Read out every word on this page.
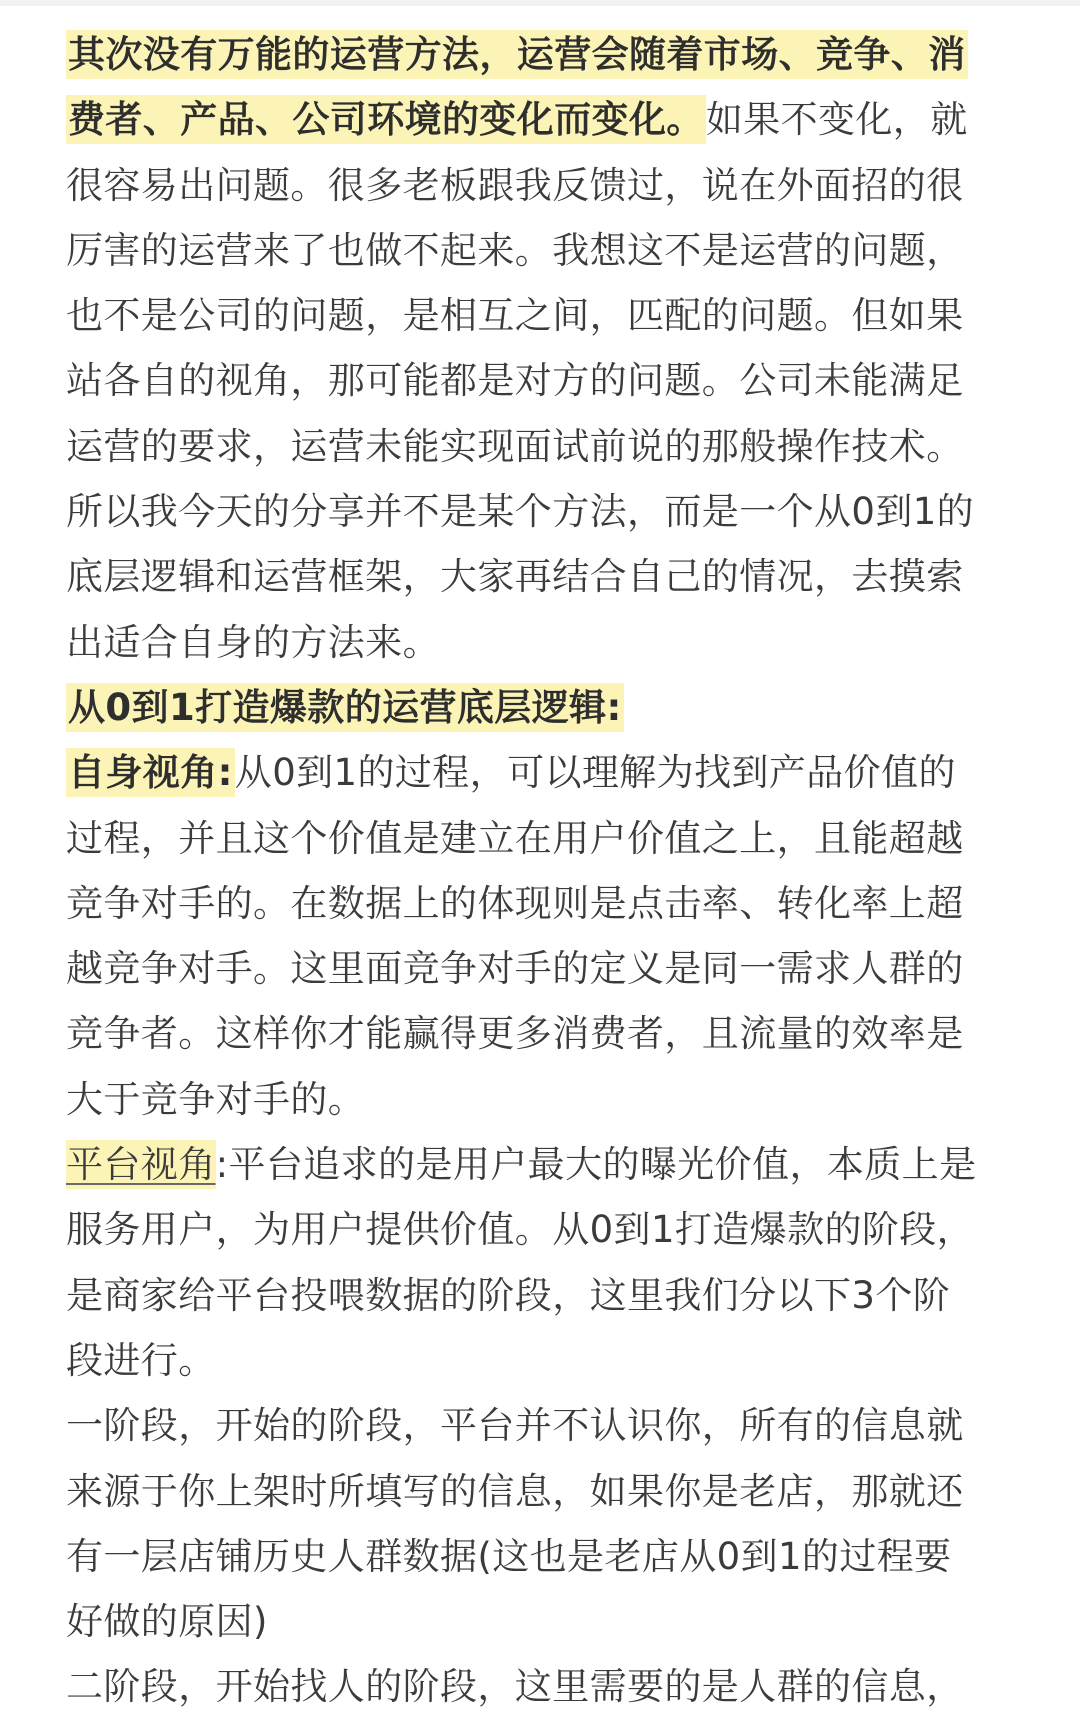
其次没有万能的运营方法，运营会随着市场、竞争、消
费者、产品、公司环境的变化而变化。如果不变化，就
很容易出问题。很多老板跟我反馈过，说在外面招的很
厉害的运营来了也做不起来。我想这不是运营的问题，
也不是公司的问题，是相互之间，匹配的问题。但如果
站各自的视角，那可能都是对方的问题。公司未能满足
运营的要求，运营未能实现面试前说的那般操作技术。
所以我今天的分享并不是某个方法，而是一个从0到1的
底层逻辑和运营框架，大家再结合自己的情况，去摸索
出适合自身的方法来。
从0到1打造爆款的运营底层逻辑:
自身视角:从0到1的过程，可以理解为找到产品价值的
过程，并且这个价值是建立在用户价值之上，且能超越
竞争对手的。在数据上的体现则是点击率、转化率上超
越竞争对手。这里面竞争对手的定义是同一需求人群的
竞争者。这样你才能赢得更多消费者，且流量的效率是
大于竞争对手的。
平台视角:平台追求的是用户最大的曝光价值，本质上是
服务用户，为用户提供价值。从0到1打造爆款的阶段，
是商家给平台投喂数据的阶段，这里我们分以下3个阶
段进行。
一阶段，开始的阶段，平台并不认识你，所有的信息就
来源于你上架时所填写的信息，如果你是老店，那就还
有一层店铺历史人群数据(这也是老店从0到1的过程要
好做的原因)
二阶段，开始找人的阶段，这里需要的是人群的信息，
